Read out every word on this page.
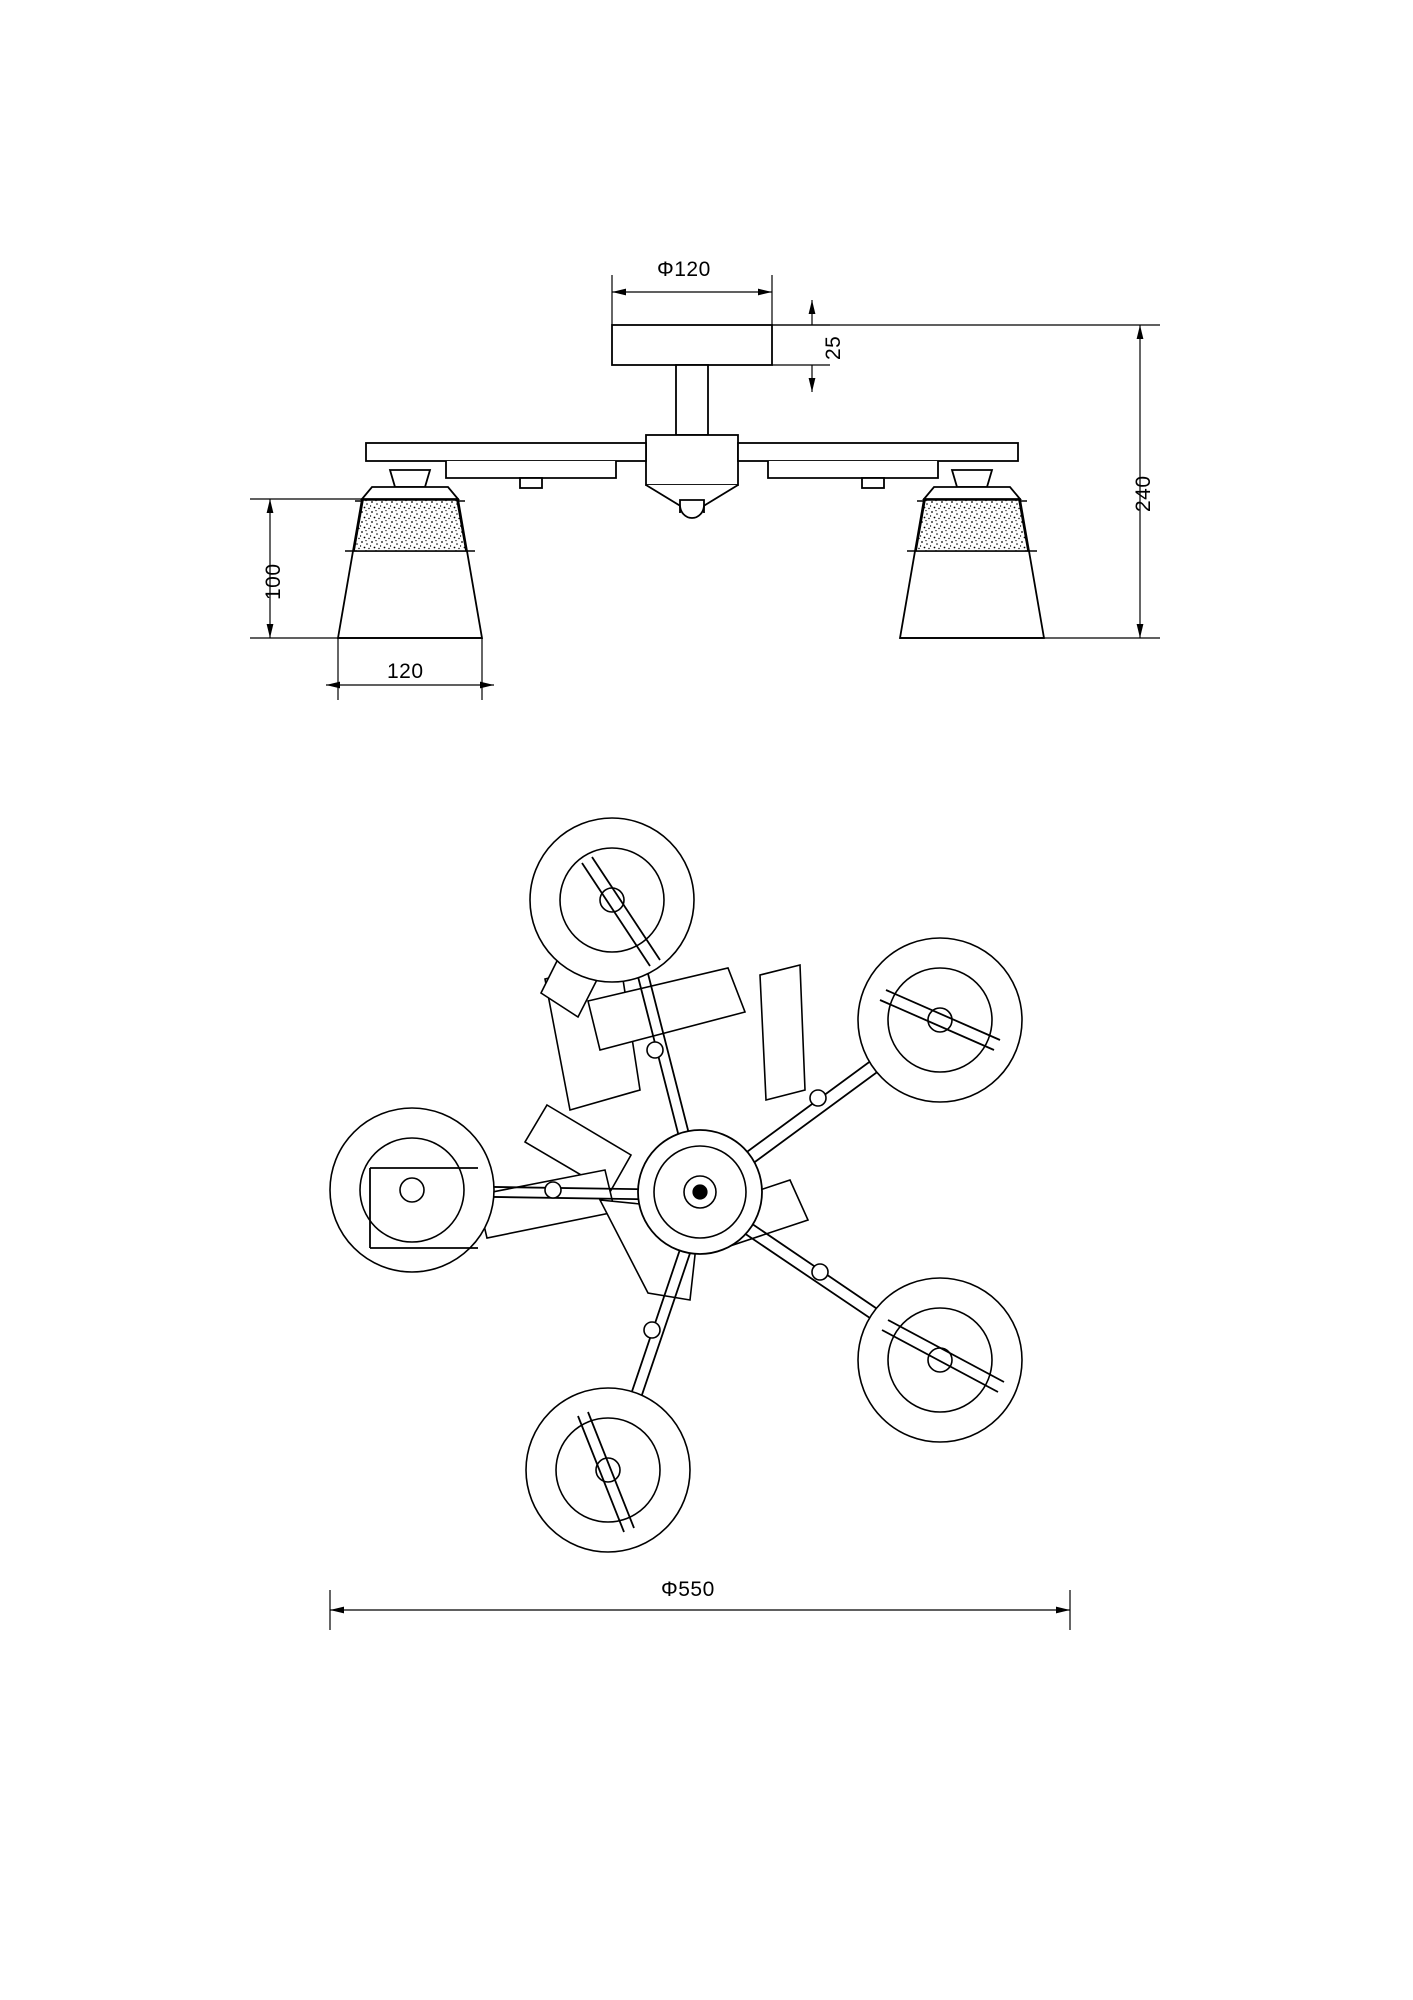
Φ120
25
240
100
120
Φ550
